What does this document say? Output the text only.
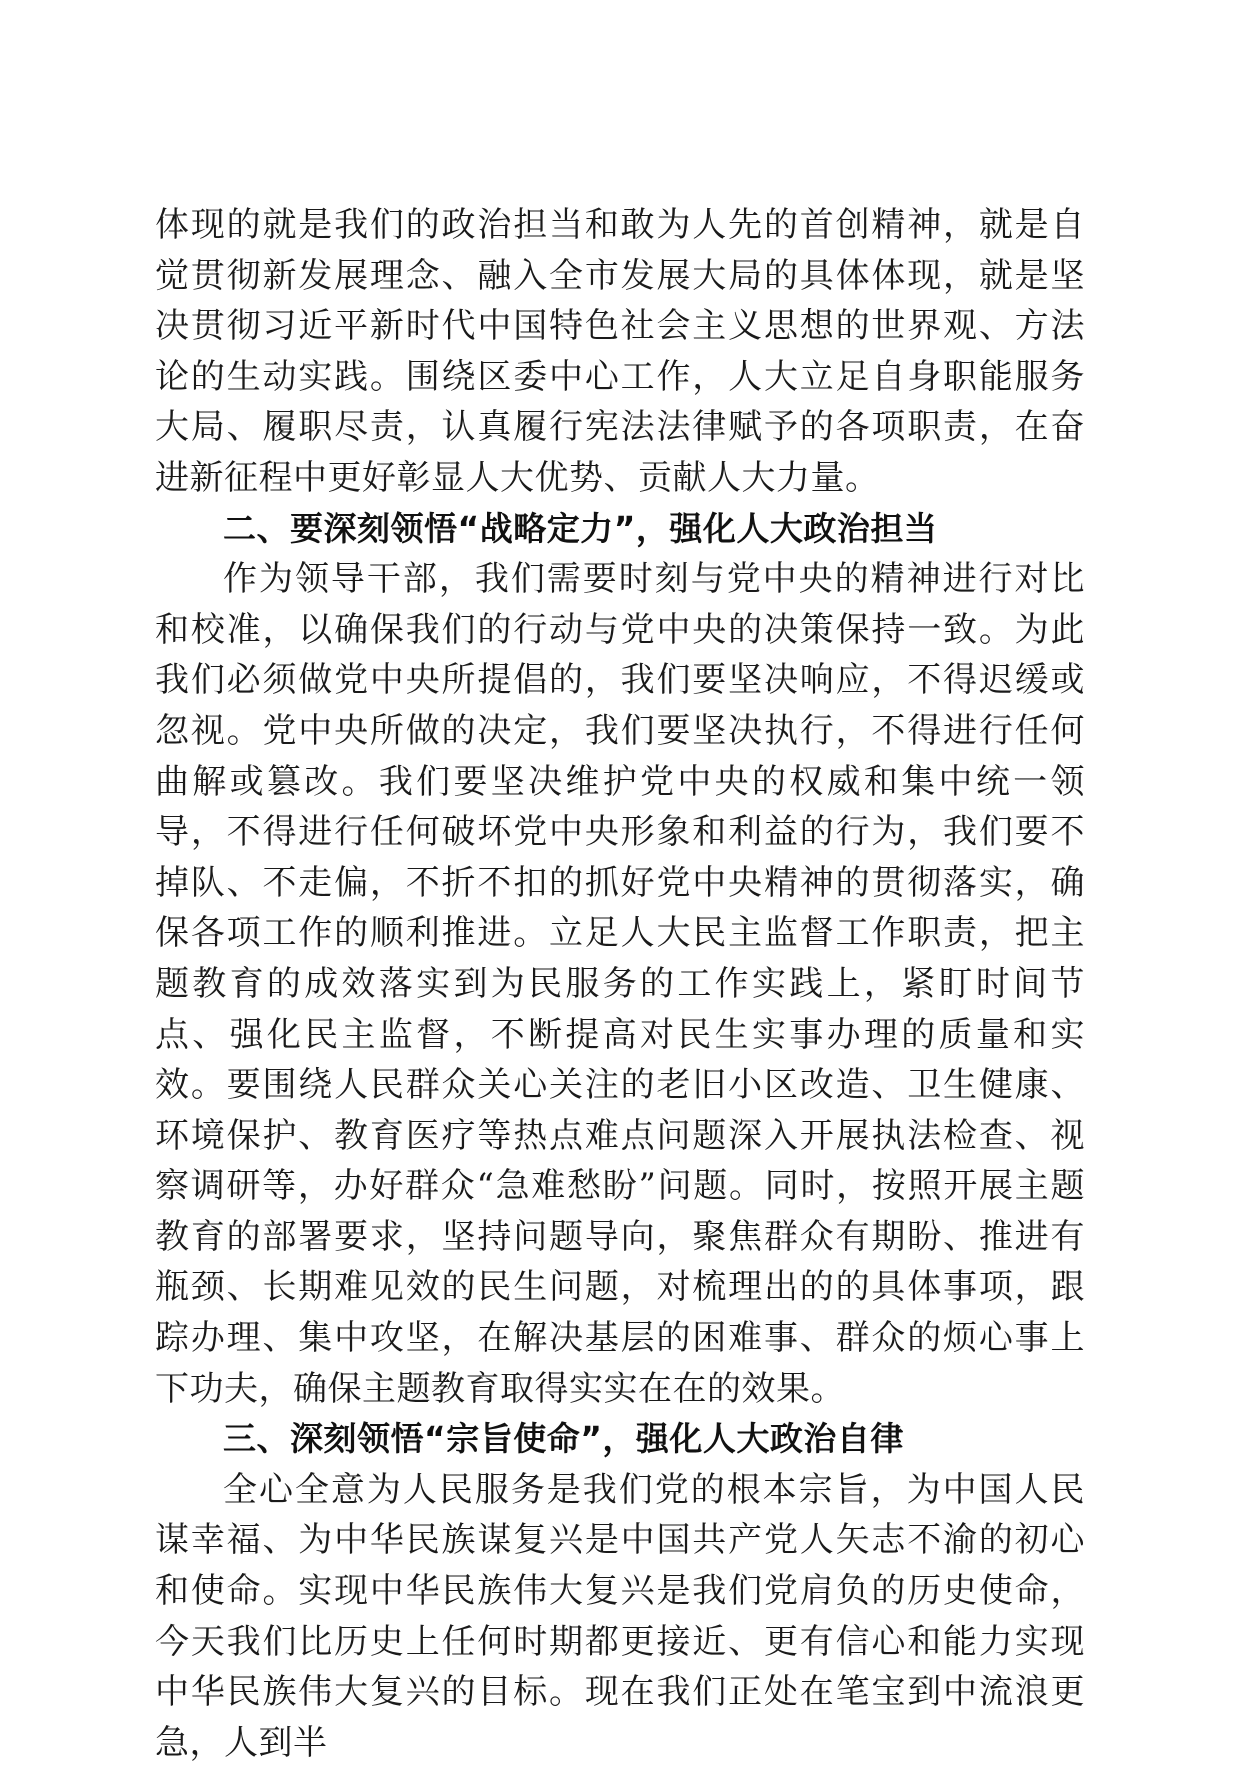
体现的就是我们的政治担当和敢为人先的首创精神，就是自觉贯彻新发展理念、融入全市发展大局的具体体现，就是坚决贯彻习近平新时代中国特色社会主义思想的世界观、方法论的生动实践。围绕区委中心工作，人大立足自身职能服务大局、履职尽责，认真履行宪法法律赋予的各项职责，在奋进新征程中更好彰显人大优势、贡献人大力量。

二、要深刻领悟“战略定力”，强化人大政治担当

作为领导干部，我们需要时刻与党中央的精神进行对比和校准，以确保我们的行动与党中央的决策保持一致。为此我们必须做党中央所提倡的，我们要坚决响应，不得迟缓或忽视。党中央所做的决定，我们要坚决执行，不得进行任何曲解或篡改。我们要坚决维护党中央的权威和集中统一领导，不得进行任何破坏党中央形象和利益的行为，我们要不掉队、不走偏，不折不扣的抓好党中央精神的贯彻落实，确保各项工作的顺利推进。立足人大民主监督工作职责，把主题教育的成效落实到为民服务的工作实践上，紧盯时间节点、强化民主监督，不断提高对民生实事办理的质量和实效。要围绕人民群众关心关注的老旧小区改造、卫生健康、环境保护、教育医疗等热点难点问题深入开展执法检查、视察调研等，办好群众“急难愁盼”问题。同时，按照开展主题教育的部署要求，坚持问题导向，聚焦群众有期盼、推进有瓶颈、长期难见效的民生问题，对梳理出的的具体事项，跟踪办理、集中攻坚，在解决基层的困难事、群众的烦心事上下功夫，确保主题教育取得实实在在的效果。

三、深刻领悟“宗旨使命”，强化人大政治自律

全心全意为人民服务是我们党的根本宗旨，为中国人民谋幸福、为中华民族谋复兴是中国共产党人矢志不渝的初心和使命。实现中华民族伟大复兴是我们党肩负的历史使命，今天我们比历史上任何时期都更接近、更有信心和能力实现中华民族伟大复兴的目标。现在我们正处在笔宝到中流浪更急，人到半
